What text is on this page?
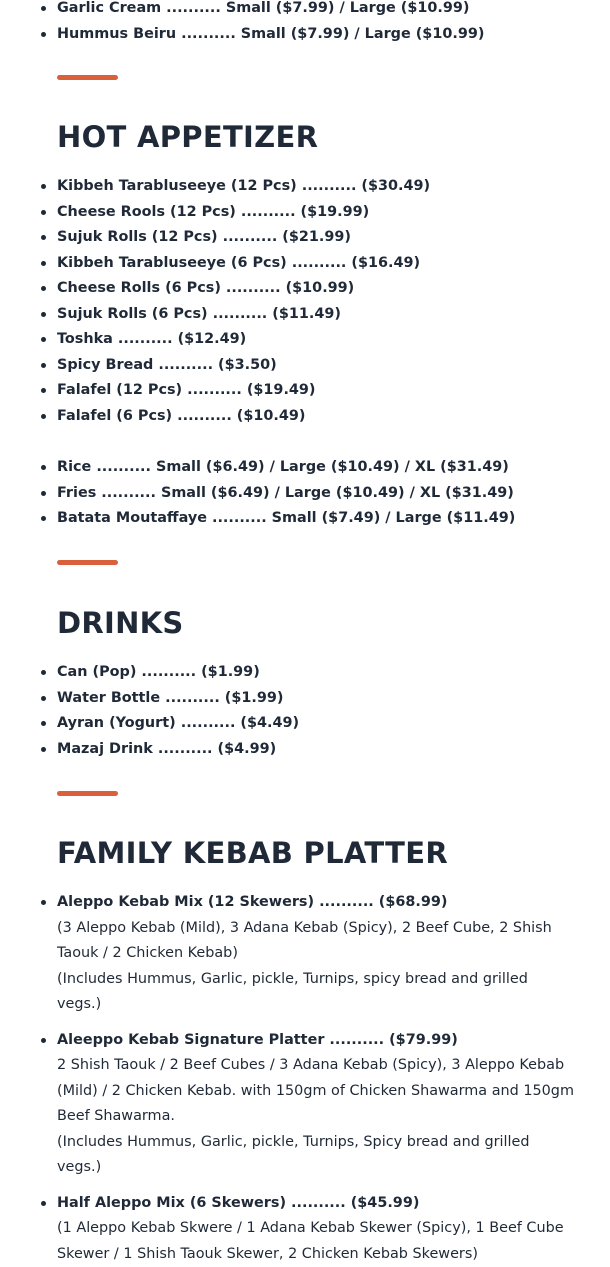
Garlic Cream .......... Small ($7.99) / Large ($10.99)
Hummus Beiru .......... Small ($7.99) / Large ($10.99)
HOT APPETIZER
Kibbeh Tarabluseeye (12 Pcs) .......... ($30.49)
Cheese Rools (12 Pcs) .......... ($19.99)
Sujuk Rolls (12 Pcs) .......... ($21.99)
Kibbeh Tarabluseeye (6 Pcs) .......... ($16.49)
Cheese Rolls (6 Pcs) .......... ($10.99)
Sujuk Rolls (6 Pcs) .......... ($11.49)
Toshka .......... ($12.49)
Spicy Bread .......... ($3.50)
Falafel (12 Pcs) .......... ($19.49)
Falafel (6 Pcs) .......... ($10.49)
Rice .......... Small ($6.49) / Large ($10.49) / XL ($31.49)
Fries .......... Small ($6.49) / Large ($10.49) / XL ($31.49)
Batata Moutaffaye .......... Small ($7.49) / Large ($11.49)
DRINKS
Can (Pop) .......... ($1.99)
Water Bottle .......... ($1.99)
Ayran (Yogurt) .......... ($4.49)
Mazaj Drink .......... ($4.99)
FAMILY KEBAB PLATTER
Aleppo Kebab Mix (12 Skewers) .......... ($68.99)
(3 Aleppo Kebab (Mild), 3 Adana Kebab (Spicy), 2 Beef Cube, 2 Shish Taouk / 2 Chicken Kebab)
(Includes Hummus, Garlic, pickle, Turnips, spicy bread and grilled vegs.)
Aleeppo Kebab Signature Platter .......... ($79.99)
2 Shish Taouk / 2 Beef Cubes / 3 Adana Kebab (Spicy), 3 Aleppo Kebab (Mild) / 2 Chicken Kebab. with 150gm of Chicken Shawarma and 150gm Beef Shawarma.
(Includes Hummus, Garlic, pickle, Turnips, Spicy bread and grilled vegs.)
Half Aleppo Mix (6 Skewers) .......... ($45.99)
(1 Aleppo Kebab Skwere / 1 Adana Kebab Skewer (Spicy), 1 Beef Cube Skewer / 1 Shish Taouk Skewer, 2 Chicken Kebab Skewers)
